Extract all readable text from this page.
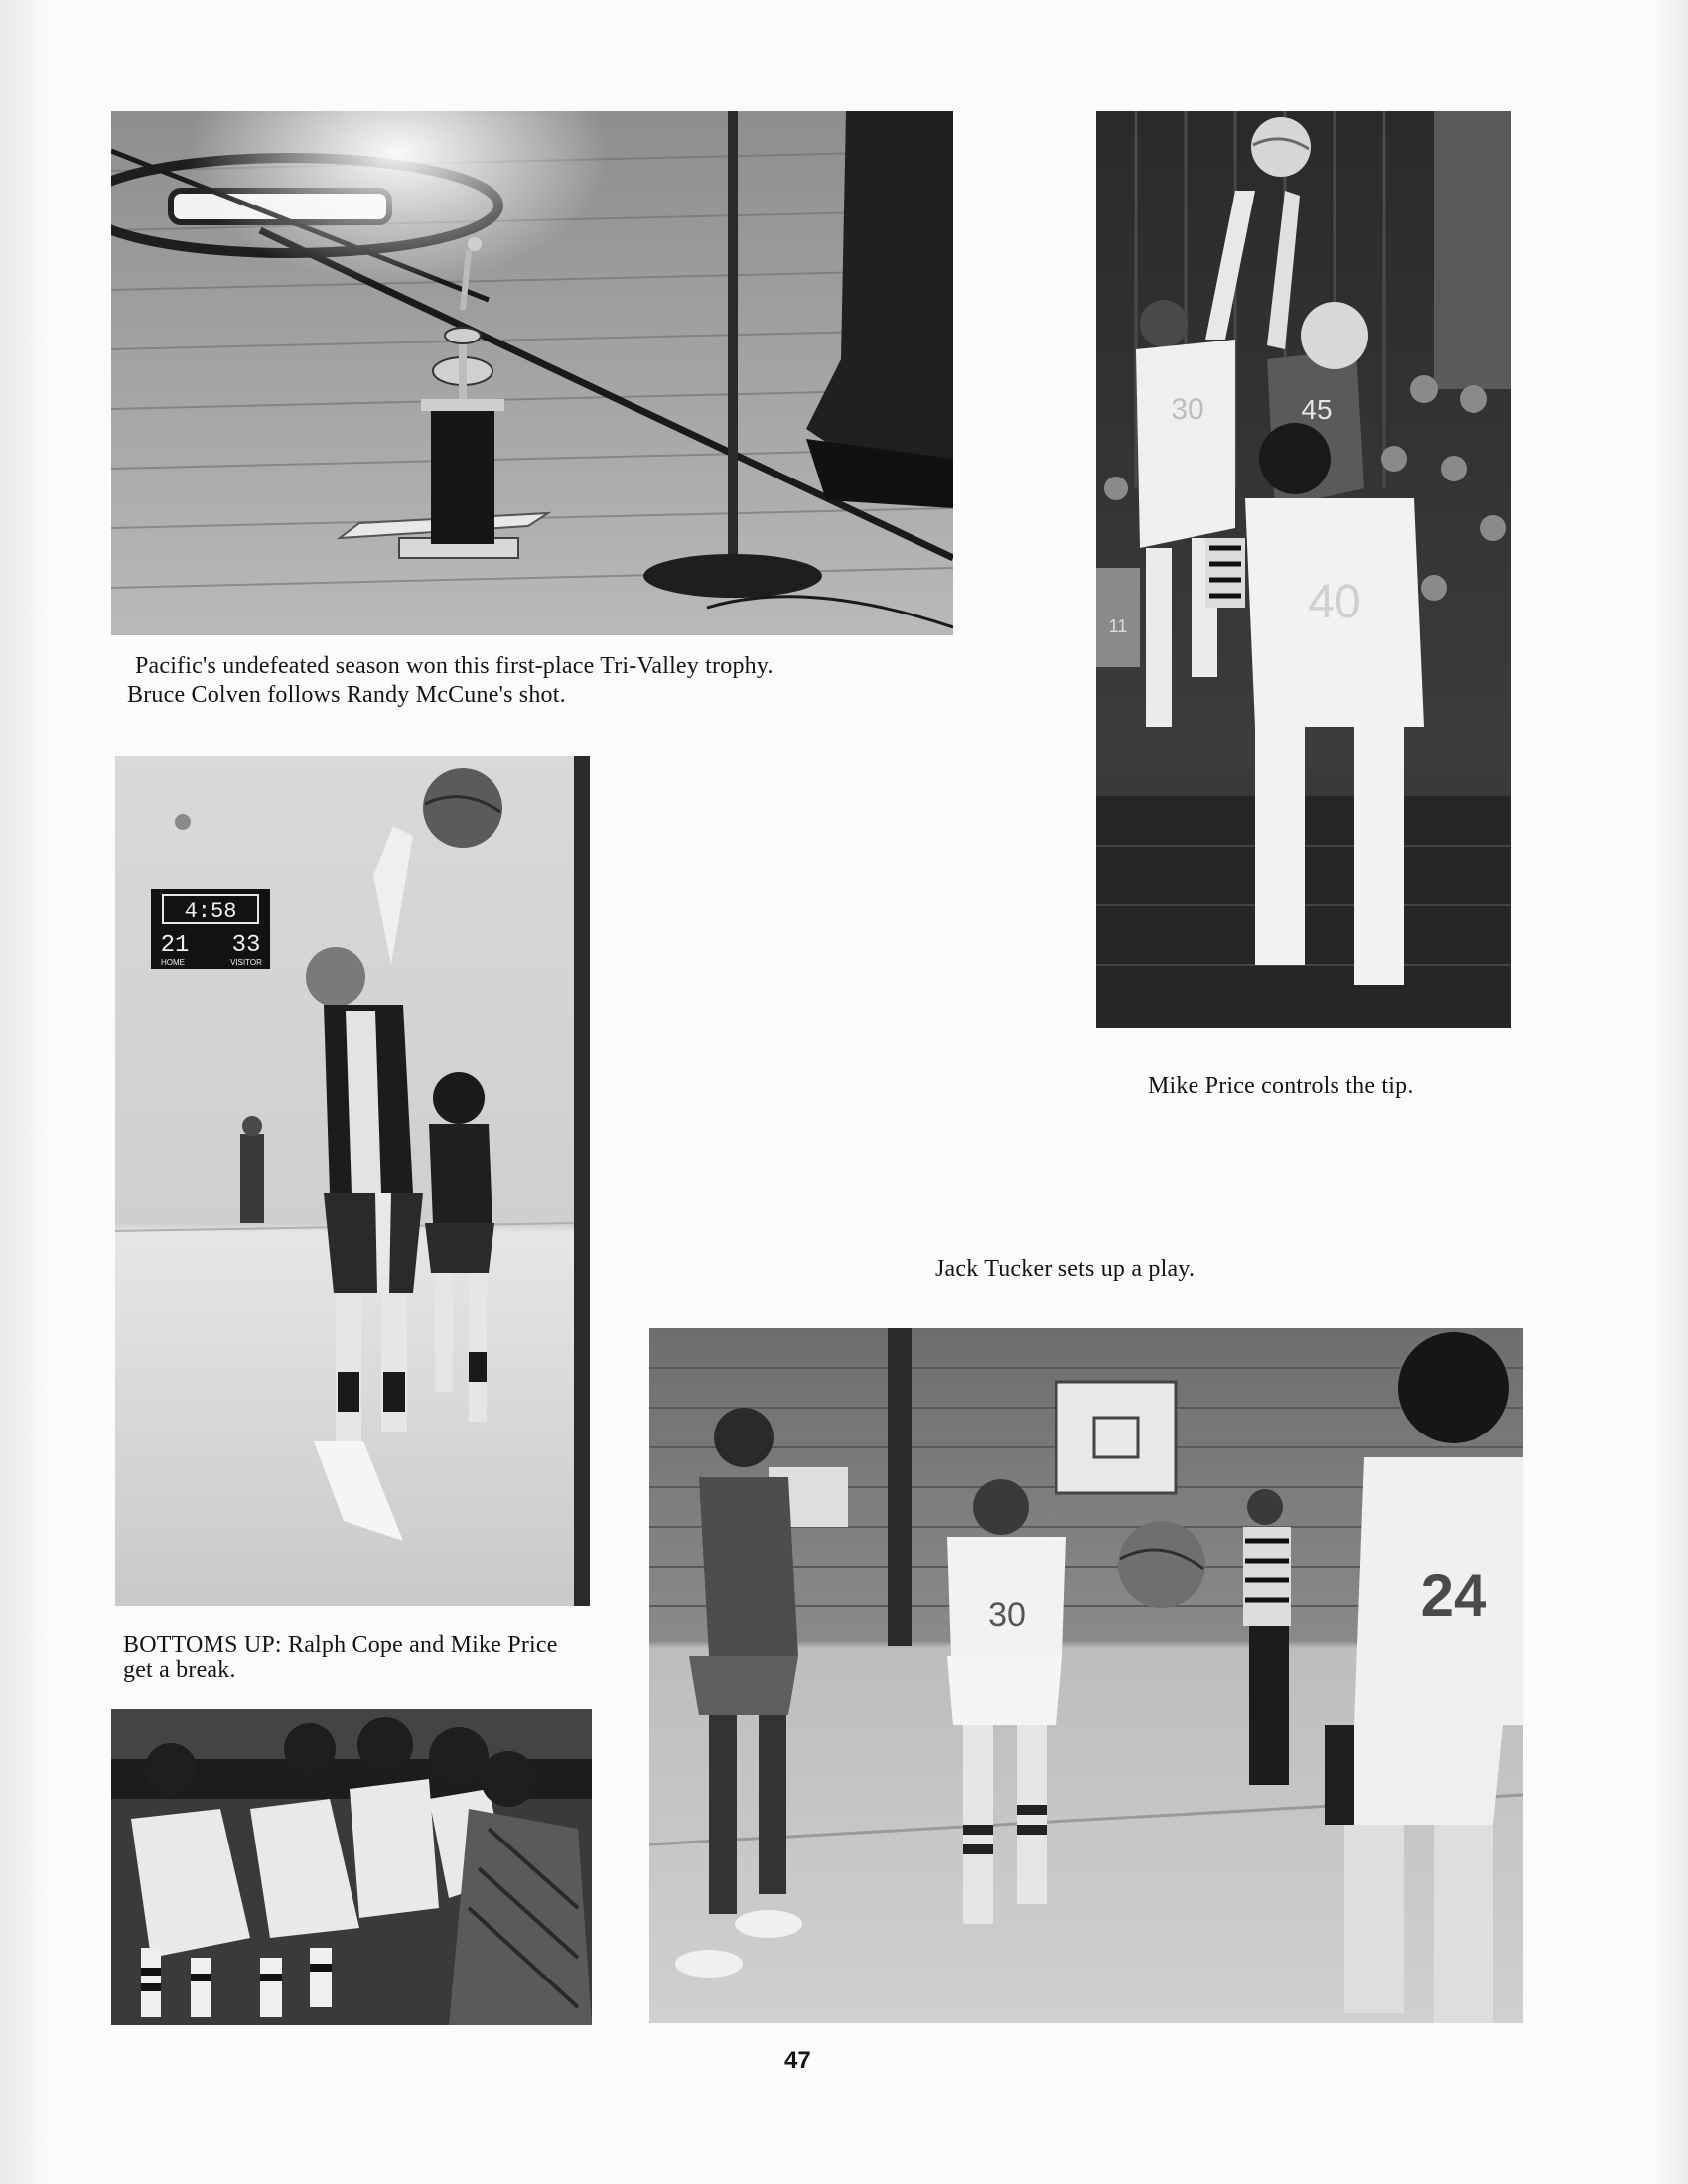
Pacific's undefeated season won this first-place Tri-Valley trophy.

Bruce Colven follows Randy McCune's shot.

4:58
21 33
HOME	VISITOR

BOTTOMS UP: Ralph Cope and Mike Price get a break.

30	45
40
11

Mike Price controls the tip.

Jack Tucker sets up a play.

30	24

47
